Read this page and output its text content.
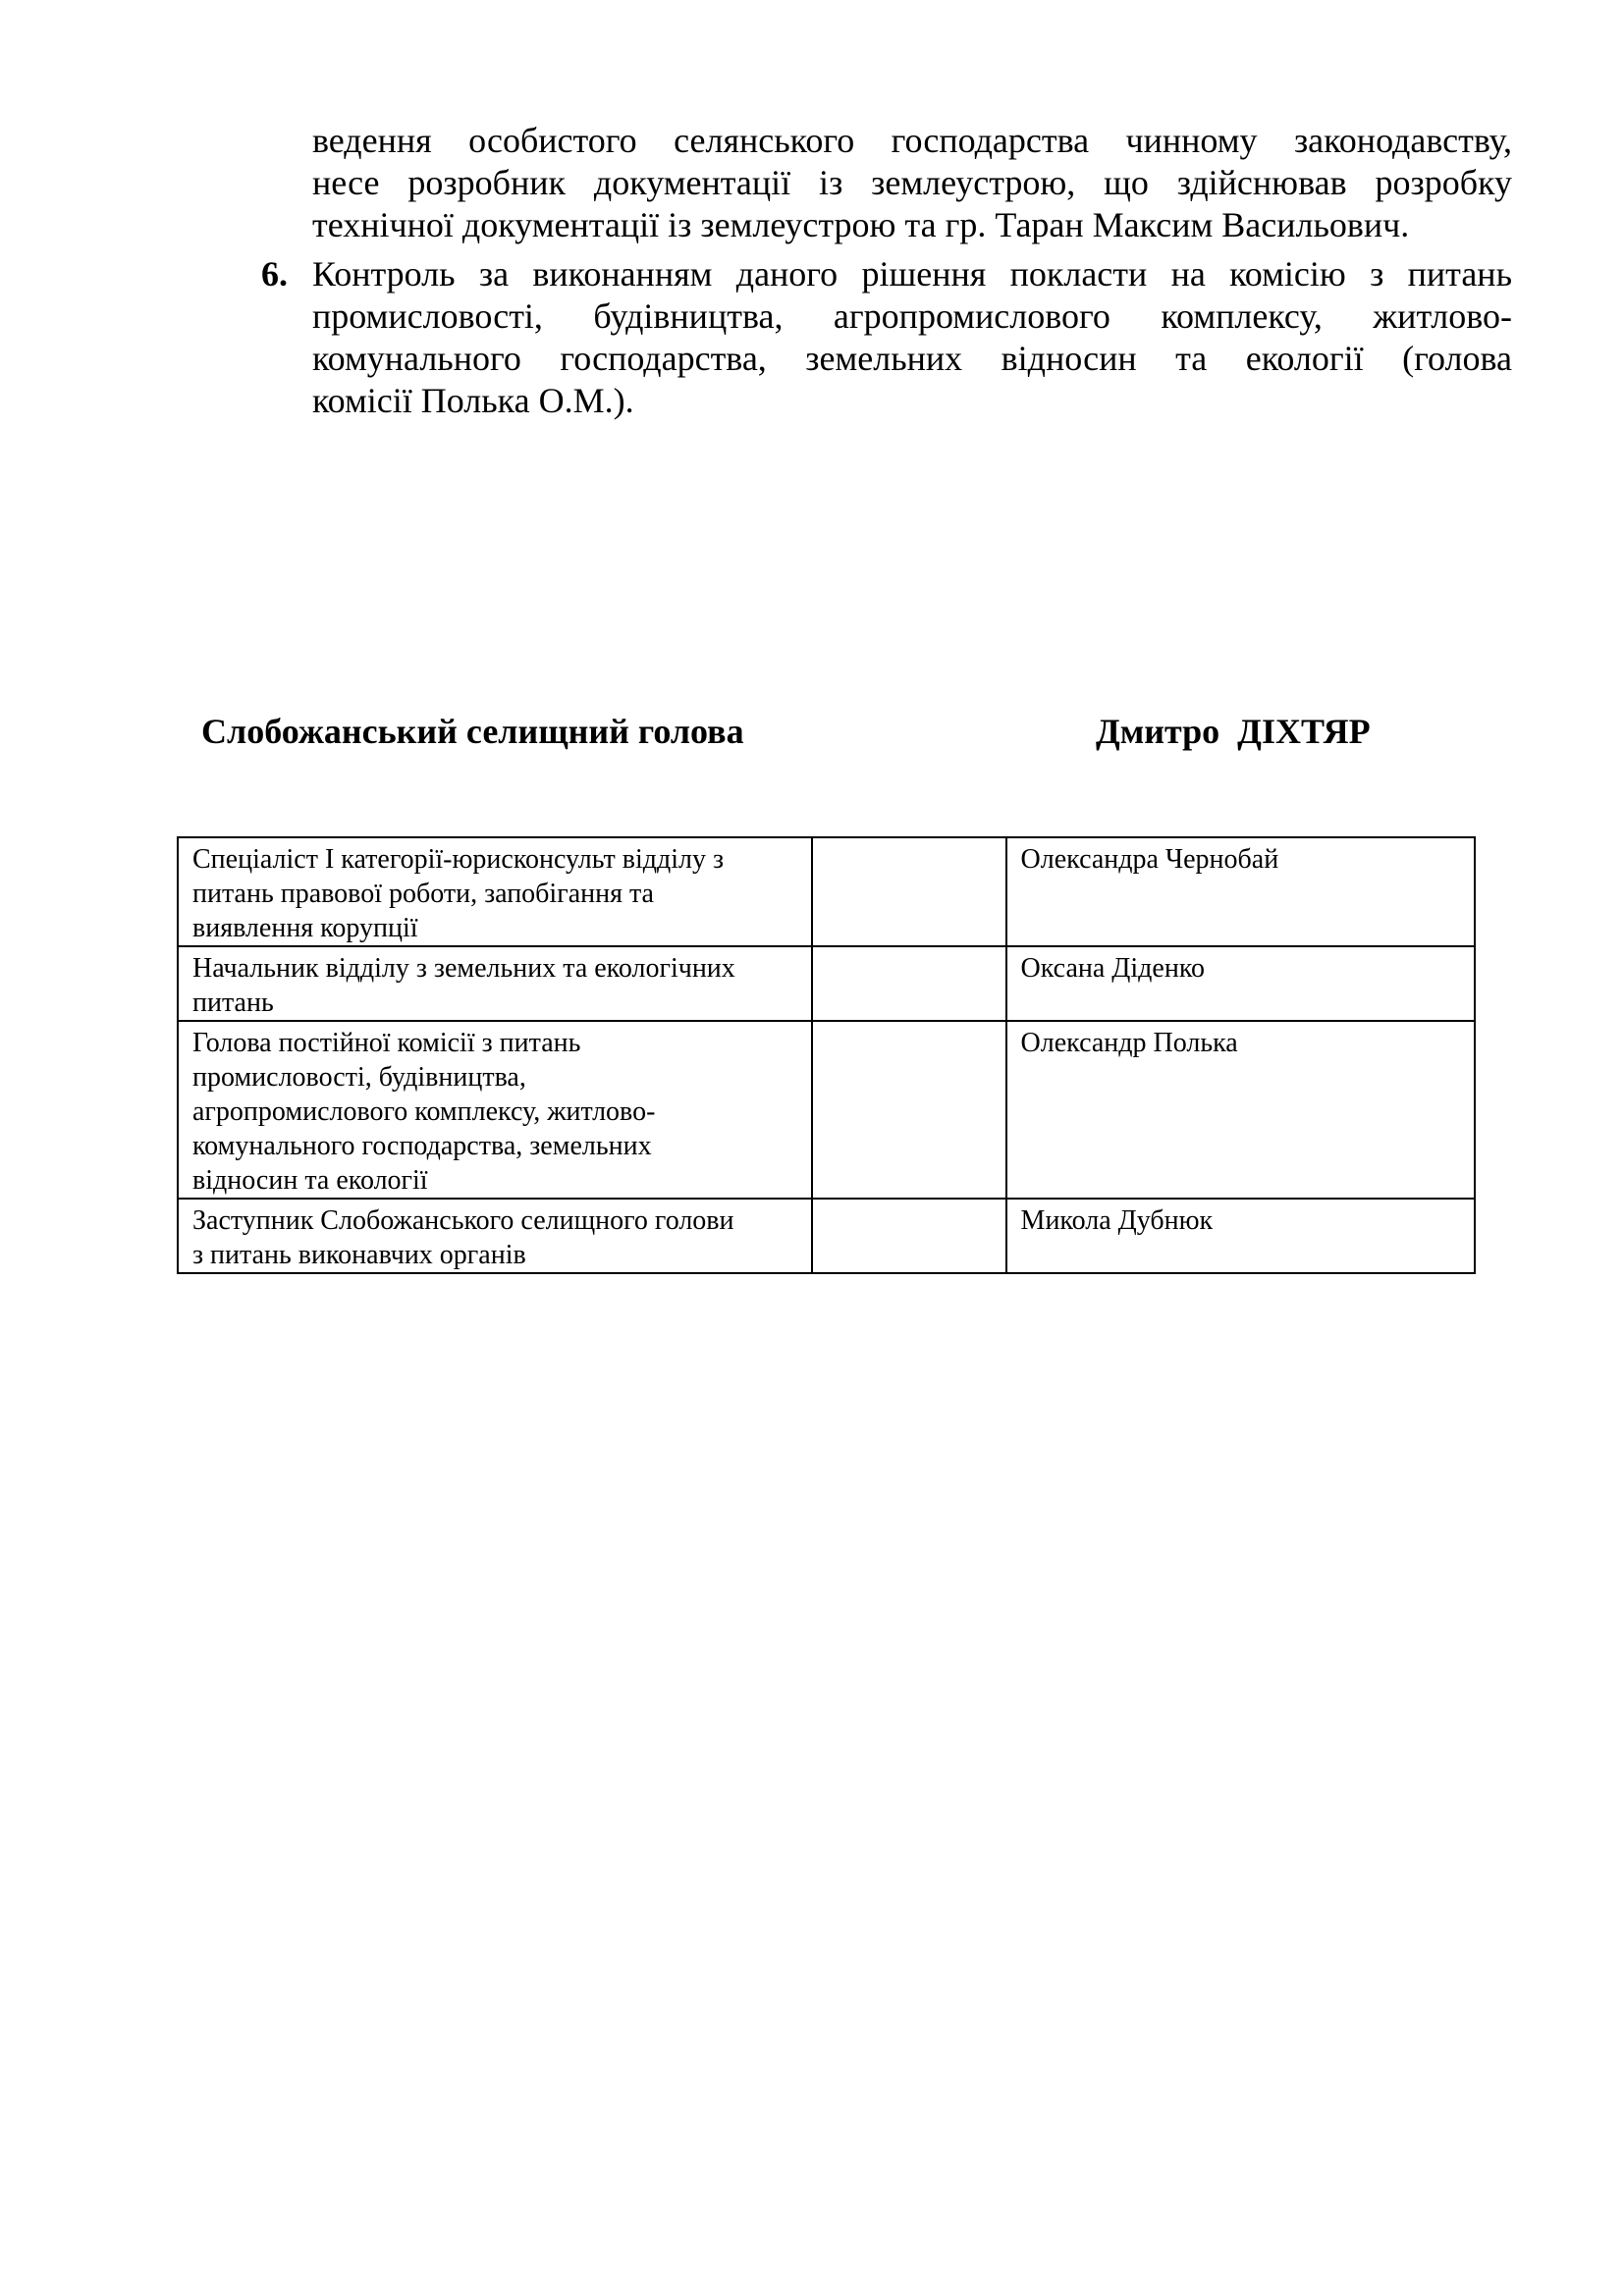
ведення особистого селянського господарства чинному законодавству,
несе розробник документації із землеустрою, що здійснював розробку
технічної документації із землеустрою та гр. Таран Максим Васильович.
6. Контроль за виконанням даного рішення покласти на комісію з питань
промисловості, будівництва, агропромислового комплексу, житлово-
комунального господарства, земельних відносин та екології (голова
комісії Полька О.М.).
Слобожанський селищний голова	Дмитро  ДІХТЯР
Спеціаліст І категорії-юрисконсульт відділу з
питань правової роботи, запобігання та
виявлення корупції		Олександра Чернобай

Начальник відділу з земельних та екологічних
питань		Оксана Діденко

Голова постійної комісії з питань
промисловості, будівництва,
агропромислового комплексу, житлово-
комунального господарства, земельних
відносин та екології		Олександр Полька

Заступник Слобожанського селищного голови
з питань виконавчих органів		Микола Дубнюк
